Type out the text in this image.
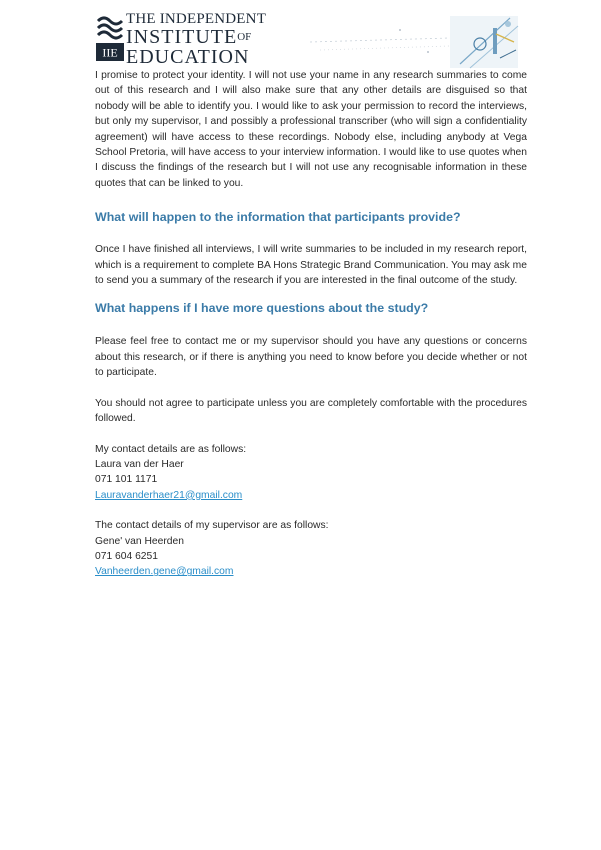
IIE
THE INDEPENDENT
$INSTITUTE^{OF}$
EDUCATION

I promise to protect your identity. I will not use your name in any research summaries to come out of this research and I will also make sure that any other details are disguised so that nobody will be able to identify you. I would like to ask your permission to record the interviews, but only my supervisor, I and possibly a professional transcriber (who will sign a confidentiality agreement) will have access to these recordings. Nobody else, including anybody at Vega School Pretoria, will have access to your interview information. I would like to use quotes when I discuss the findings of the research but I will not use any recognisable information in these quotes that can be linked to you.

What will happen to the information that participants provide?

Once I have finished all interviews, I will write summaries to be included in my research report, which is a requirement to complete BA Hons Strategic Brand Communication. You may ask me to send you a summary of the research if you are interested in the final outcome of the study.

What happens if I have more questions about the study?

Please feel free to contact me or my supervisor should you have any questions or concerns about this research, or if there is anything you need to know before you decide whether or not to participate.

You should not agree to participate unless you are completely comfortable with the procedures followed.

My contact details are as follows:

Laura van der Haer

071 101 1171

Lauravanderhaer21@gmail.com

The contact details of my supervisor are as follows:

Gene' van Heerden

071 604 6251

Vanheerden.gene@gmail.com
